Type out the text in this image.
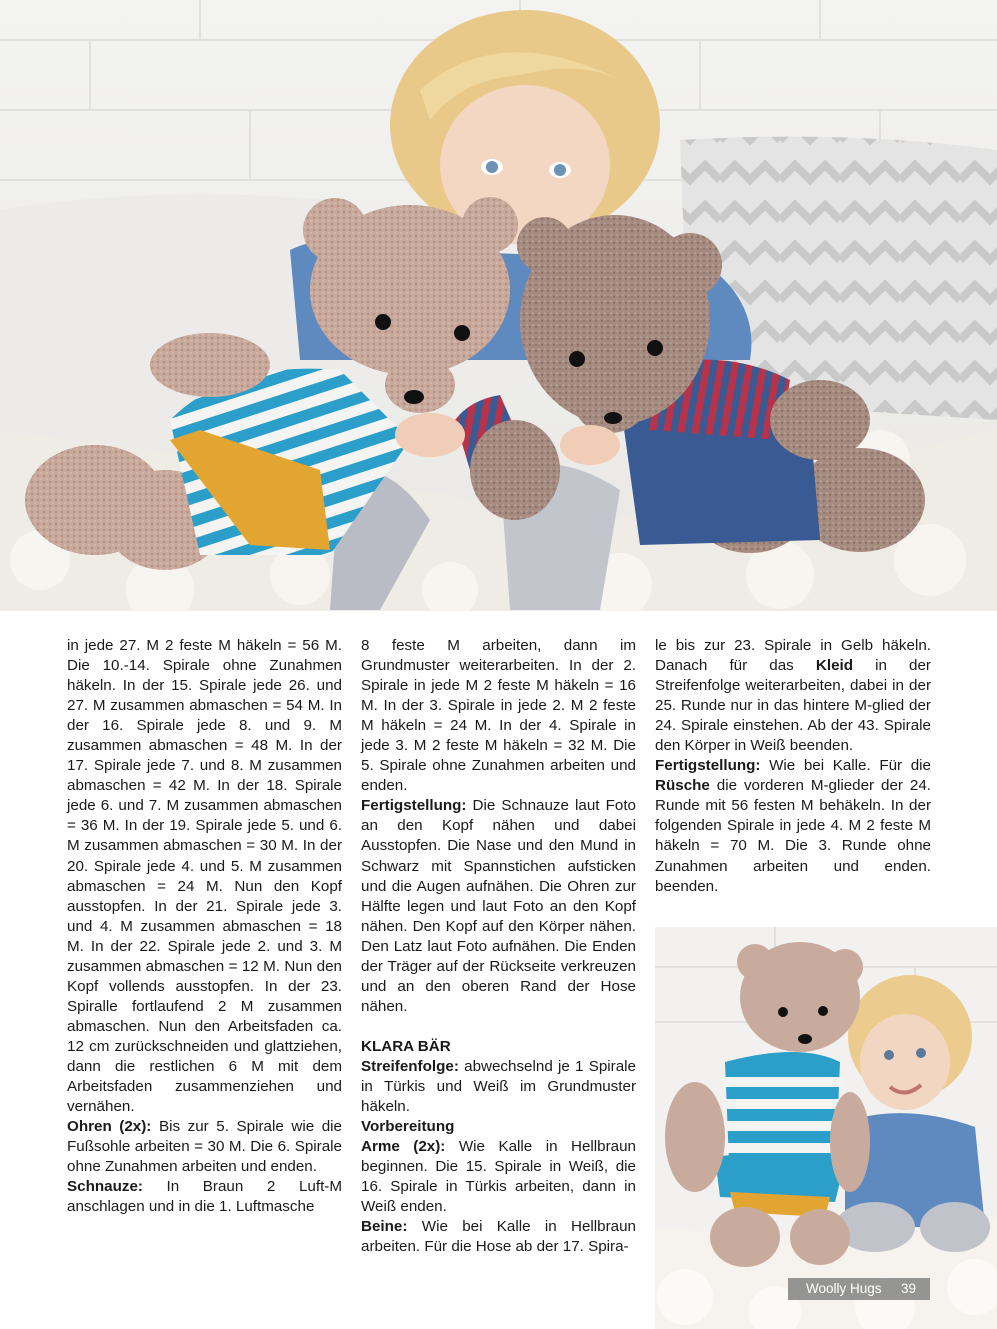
in jede 27. M 2 feste M häkeln = 56 M. Die 10.-14. Spirale ohne Zunahmen häkeln. In der 15. Spirale jede 26. und 27. M zusammen abmaschen = 54 M. In der 16. Spirale jede 8. und 9. M zusammen abmaschen = 48 M. In der 17. Spirale jede 7. und 8. M zusammen abmaschen = 42 M. In der 18. Spirale jede 6. und 7. M zusammen abmaschen = 36 M. In der 19. Spirale jede 5. und 6. M zusammen abmaschen = 30 M. In der 20. Spirale jede 4. und 5. M zusammen abmaschen = 24 M. Nun den Kopf ausstopfen. In der 21. Spirale jede 3. und 4. M zusammen abmaschen = 18 M. In der 22. Spirale jede 2. und 3. M zusammen abmaschen = 12 M. Nun den Kopf vollends ausstopfen. In der 23. Spiralle fortlaufend 2 M zusammen abmaschen. Nun den Arbeitsfaden ca. 12 cm zurückschneiden und glattziehen, dann die restlichen 6 M mit dem Arbeitsfaden zusammenziehen und vernähen.

Ohren (2x): Bis zur 5. Spirale wie die Fußsohle arbeiten = 30 M. Die 6. Spirale ohne Zunahmen arbeiten und enden.

Schnauze: In Braun 2 Luft-M anschlagen und in die 1. Luftmasche

8 feste M arbeiten, dann im Grundmuster weiterarbeiten. In der 2. Spirale in jede M 2 feste M häkeln = 16 M. In der 3. Spirale in jede 2. M 2 feste M häkeln = 24 M. In der 4. Spirale in jede 3. M 2 feste M häkeln = 32 M. Die 5. Spirale ohne Zunahmen arbeiten und enden.

Fertigstellung: Die Schnauze laut Foto an den Kopf nähen und dabei Ausstopfen. Die Nase und den Mund in Schwarz mit Spannstichen aufsticken und die Augen aufnähen. Die Ohren zur Hälfte legen und laut Foto an den Kopf nähen. Den Kopf auf den Körper nähen. Den Latz laut Foto aufnähen. Die Enden der Träger auf der Rückseite verkreuzen und an den oberen Rand der Hose nähen.

KLARA BÄR

Streifenfolge: abwechselnd je 1 Spirale in Türkis und Weiß im Grundmuster häkeln.

Vorbereitung

Arme (2x): Wie Kalle in Hellbraun beginnen. Die 15. Spirale in Weiß, die 16. Spirale in Türkis arbeiten, dann in Weiß enden.

Beine: Wie bei Kalle in Hellbraun arbeiten. Für die Hose ab der 17. Spira-

le bis zur 23. Spirale in Gelb häkeln. Danach für das Kleid in der Streifenfolge weiterarbeiten, dabei in der 25. Runde nur in das hintere M-glied der 24. Spirale einstehen. Ab der 43. Spirale den Körper in Weiß beenden.

Fertigstellung: Wie bei Kalle. Für die Rüsche die vorderen M-glieder der 24. Runde mit 56 festen M behäkeln. In der folgenden Spirale in jede 4. M 2 feste M häkeln = 70 M. Die 3. Runde ohne Zunahmen arbeiten und enden. beenden.

Woolly Hugs 39
